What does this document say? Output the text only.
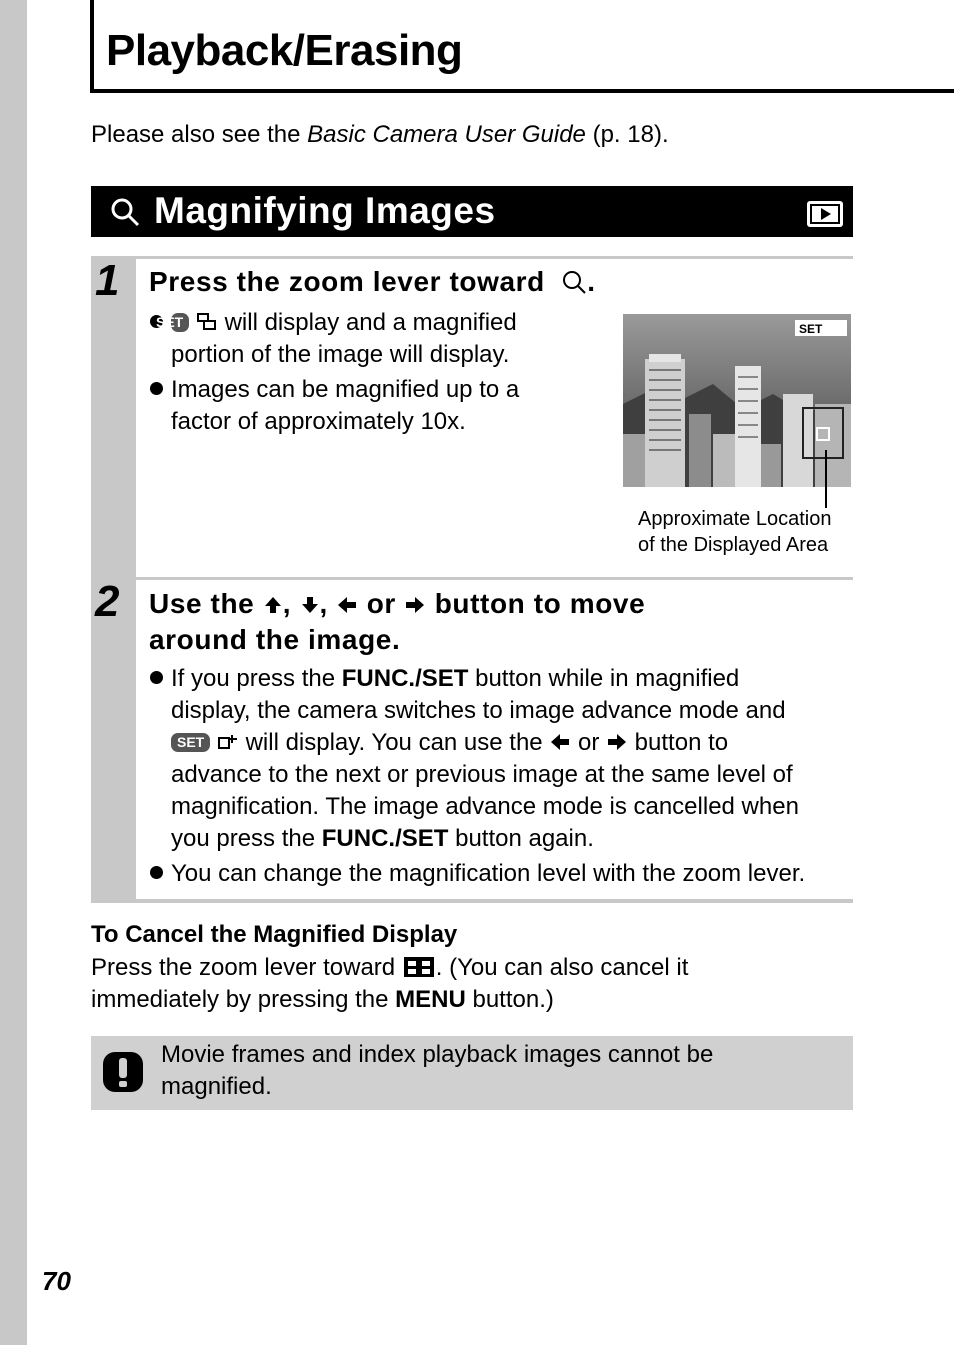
Playback/Erasing
Please also see the Basic Camera User Guide (p. 18).
Magnifying Images
1 Press the zoom lever toward .
SET  will display and a magnified
portion of the image will display.
Images can be magnified up to a
factor of approximately 10x.
SET
Approximate Location
of the Displayed Area
2 Use the , , or button to move
around the image.
If you press the FUNC./SET button while in magnified
display, the camera switches to image advance mode and
SET  will display. You can use the  or  button to
advance to the next or previous image at the same level of
magnification. The image advance mode is cancelled when
you press the FUNC./SET button again.
You can change the magnification level with the zoom lever.
To Cancel the Magnified Display
Press the zoom lever toward . (You can also cancel it
immediately by pressing the MENU button.)
Movie frames and index playback images cannot be magnified.
70
